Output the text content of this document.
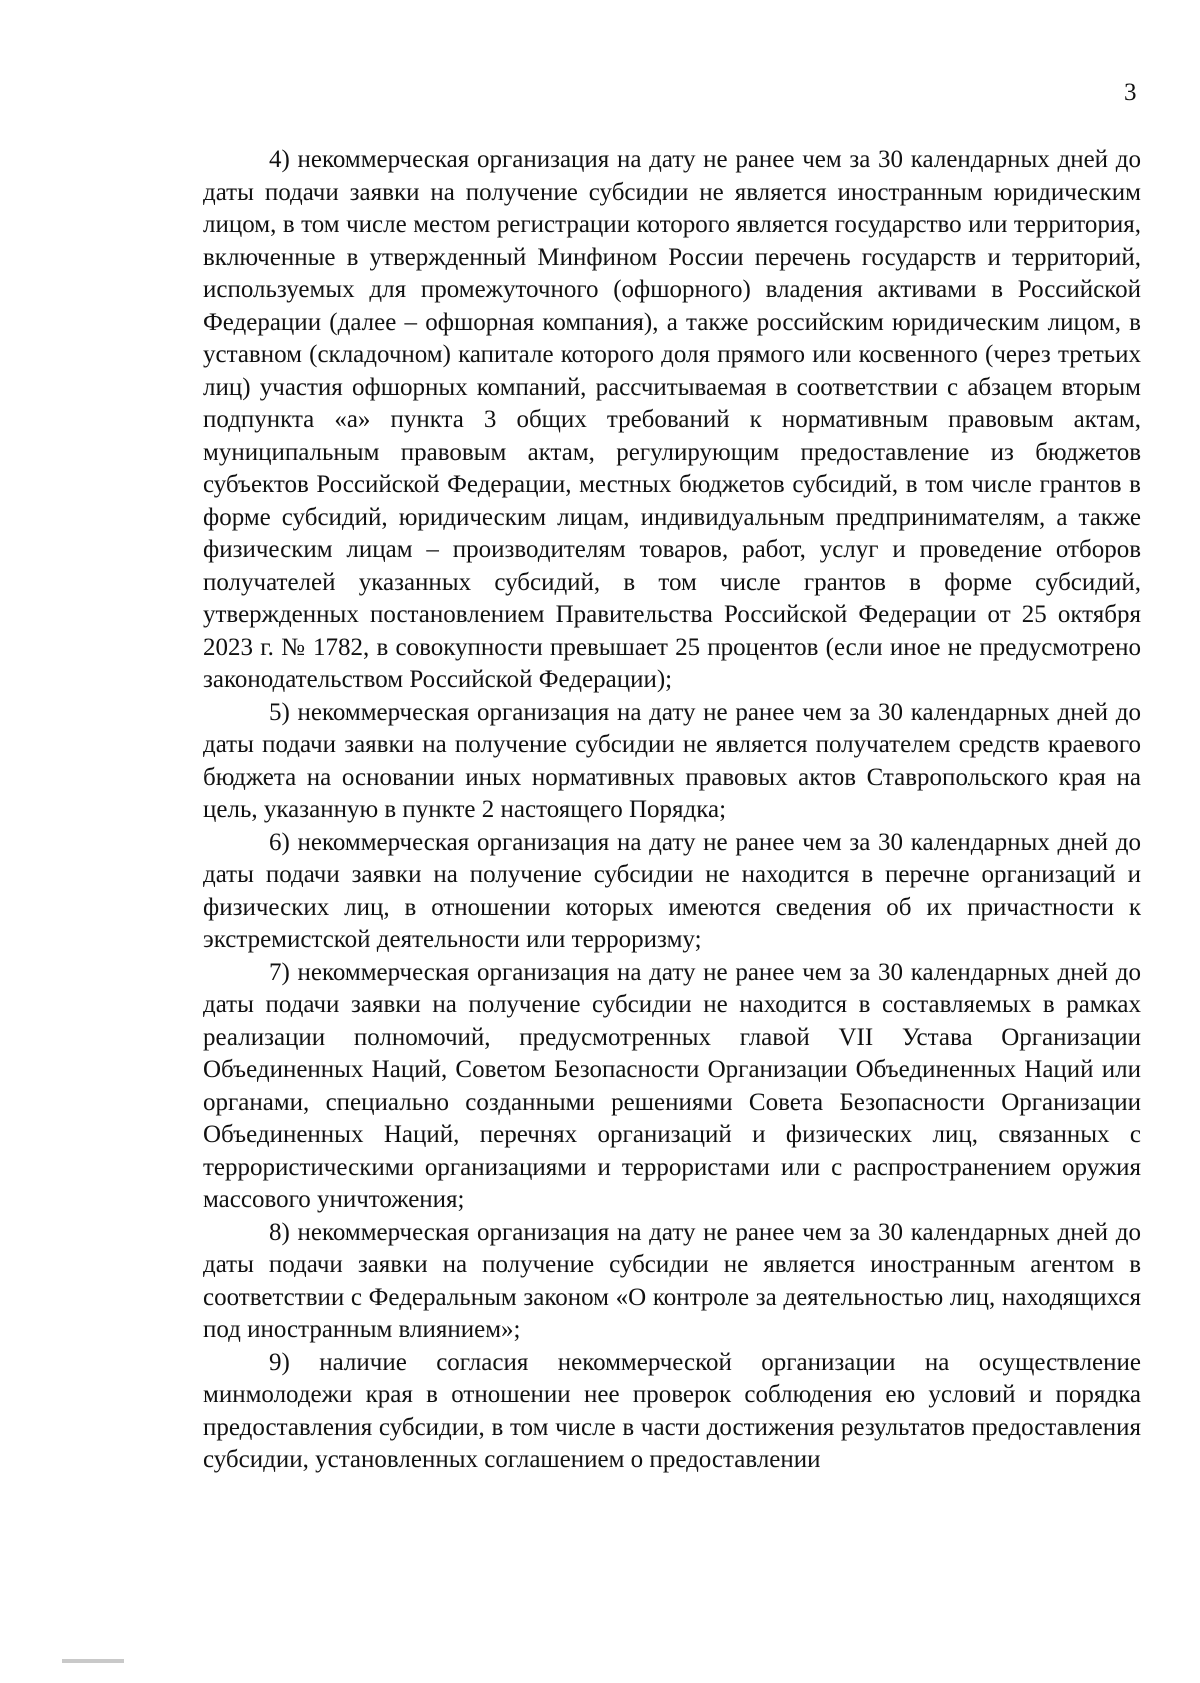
3

4) некоммерческая организация на дату не ранее чем за 30 календарных дней до даты подачи заявки на получение субсидии не является иностранным юридическим лицом, в том числе местом регистрации которого является государство или территория, включенные в утвержденный Минфином России перечень государств и территорий, используемых для промежуточного (офшорного) владения активами в Российской Федерации (далее – офшорная компания), а также российским юридическим лицом, в уставном (складочном) капитале которого доля прямого или косвенного (через третьих лиц) участия офшорных компаний, рассчитываемая в соответствии с абзацем вторым подпункта «а» пункта 3 общих требований к нормативным правовым актам, муниципальным правовым актам, регулирующим предоставление из бюджетов субъектов Российской Федерации, местных бюджетов субсидий, в том числе грантов в форме субсидий, юридическим лицам, индивидуальным предпринимателям, а также физическим лицам – производителям товаров, работ, услуг и проведение отборов получателей указанных субсидий, в том числе грантов в форме субсидий, утвержденных постановлением Правительства Российской Федерации от 25 октября 2023 г. № 1782, в совокупности превышает 25 процентов (если иное не предусмотрено законодательством Российской Федерации);

5) некоммерческая организация на дату не ранее чем за 30 календарных дней до даты подачи заявки на получение субсидии не является получателем средств краевого бюджета на основании иных нормативных правовых актов Ставропольского края на цель, указанную в пункте 2 настоящего Порядка;

6) некоммерческая организация на дату не ранее чем за 30 календарных дней до даты подачи заявки на получение субсидии не находится в перечне организаций и физических лиц, в отношении которых имеются сведения об их причастности к экстремистской деятельности или терроризму;

7) некоммерческая организация на дату не ранее чем за 30 календарных дней до даты подачи заявки на получение субсидии не находится в составляемых в рамках реализации полномочий, предусмотренных главой VII Устава Организации Объединенных Наций, Советом Безопасности Организации Объединенных Наций или органами, специально созданными решениями Совета Безопасности Организации Объединенных Наций, перечнях организаций и физических лиц, связанных с террористическими организациями и террористами или с распространением оружия массового уничтожения;

8) некоммерческая организация на дату не ранее чем за 30 календарных дней до даты подачи заявки на получение субсидии не является иностранным агентом в соответствии с Федеральным законом «О контроле за деятельностью лиц, находящихся под иностранным влиянием»;

9) наличие согласия некоммерческой организации на осуществление минмолодежи края в отношении нее проверок соблюдения ею условий и порядка предоставления субсидии, в том числе в части достижения результатов предоставления субсидии, установленных соглашением о предоставлении
